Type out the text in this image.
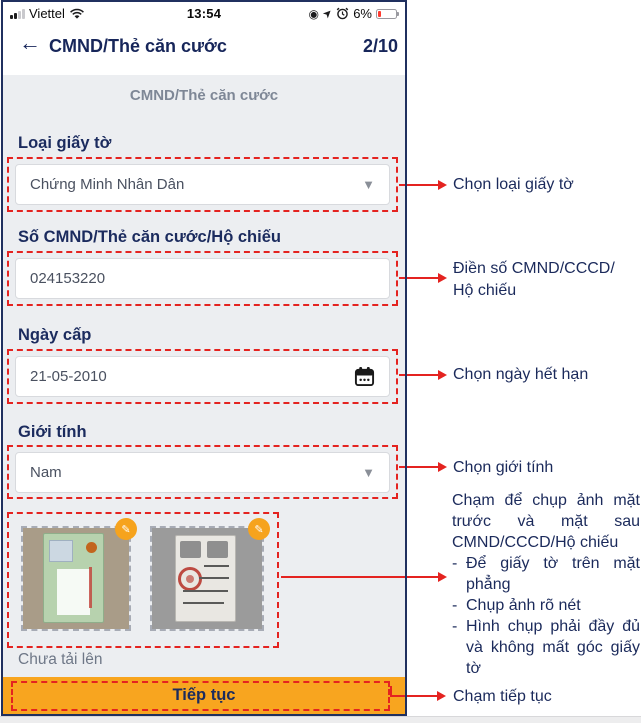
Viettel	13:54	◉ ➤ 6%
← CMND/Thẻ căn cước	2/10
CMND/Thẻ căn cước
Loại giấy tờ
Chứng Minh Nhân Dân	▼
Số CMND/Thẻ căn cước/Hộ chiếu
024153220
Ngày cấp
21-05-2010
Giới tính
Nam	▼
✎	✎
Chưa tải lên
Tiếp tục
Chọn loại giấy tờ
Điền số CMND/CCCD/ Hộ chiếu
Chọn ngày hết hạn
Chọn giới tính
Chạm để chụp ảnh mặt trước và mặt sau CMND/CCCD/Hộ chiếu
- Để giấy tờ trên mặt phẳng
- Chụp ảnh rõ nét
- Hình chụp phải đầy đủ và không mất góc giấy tờ
Chạm tiếp tục
